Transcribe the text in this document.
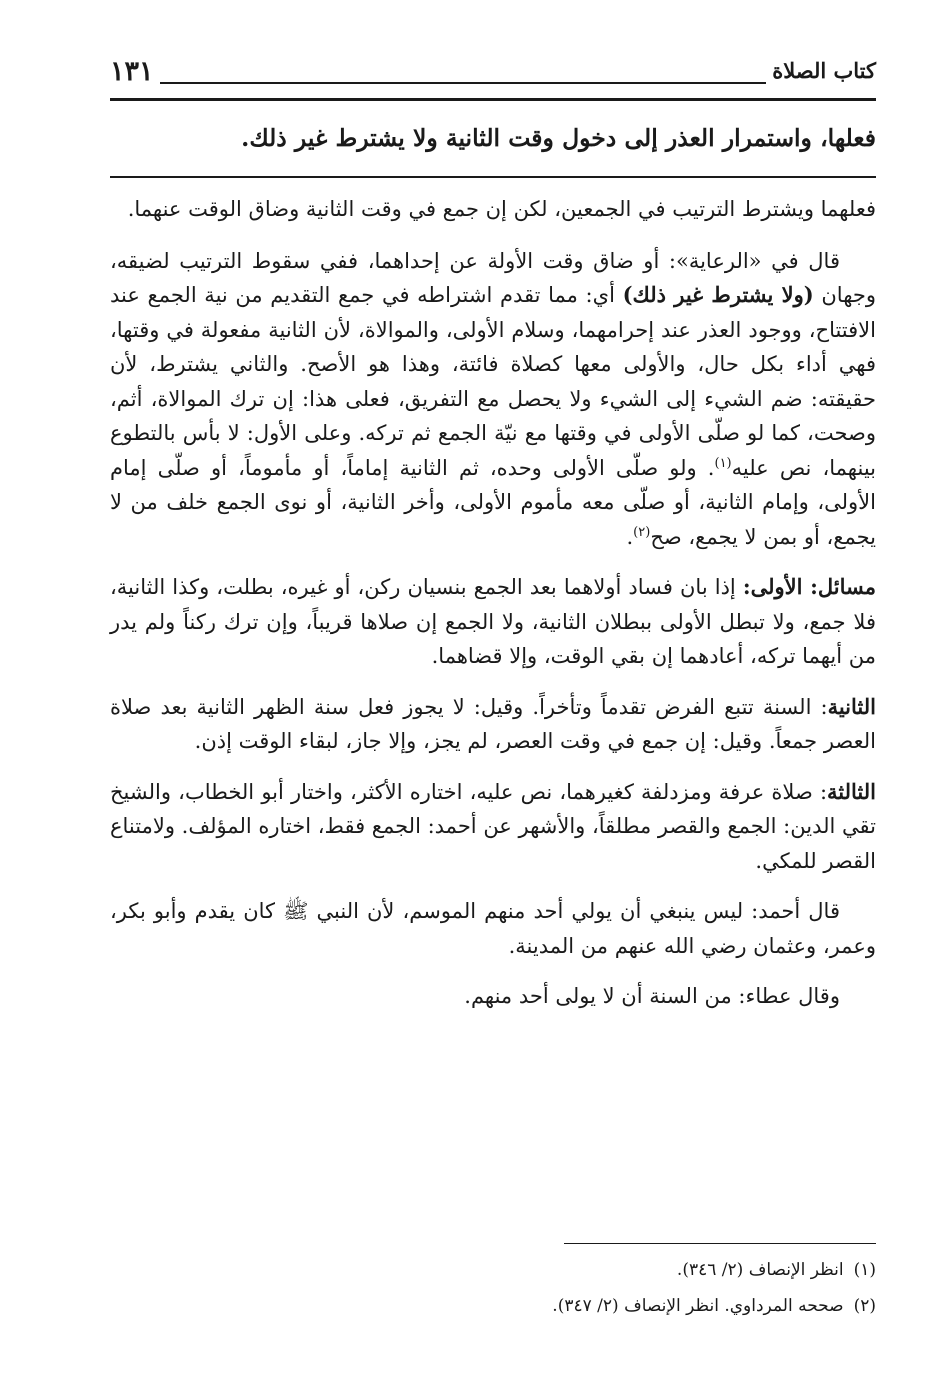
كتاب الصلاة
١٣١

فعلها، واستمرار العذر إلى دخول وقت الثانية ولا يشترط غير ذلك.

فعلهما ويشترط الترتيب في الجمعين، لكن إن جمع في وقت الثانية وضاق الوقت عنهما.

قال في «الرعاية»: أو ضاق وقت الأولة عن إحداهما، ففي سقوط الترتيب لضيقه، وجهان (ولا يشترط غير ذلك) أي: مما تقدم اشتراطه في جمع التقديم من نية الجمع عند الافتتاح، ووجود العذر عند إحرامهما، وسلام الأولى، والموالاة، لأن الثانية مفعولة في وقتها، فهي أداء بكل حال، والأولى معها كصلاة فائتة، وهذا هو الأصح. والثاني يشترط، لأن حقيقته: ضم الشيء إلى الشيء ولا يحصل مع التفريق، فعلى هذا: إن ترك الموالاة، أثم، وصحت، كما لو صلّى الأولى في وقتها مع نيّة الجمع ثم تركه. وعلى الأول: لا بأس بالتطوع بينهما، نص عليه$^{(١)}$. ولو صلّى الأولى وحده، ثم الثانية إماماً، أو مأموماً، أو صلّى إمام الأولى، وإمام الثانية، أو صلّى معه مأموم الأولى، وأخر الثانية، أو نوى الجمع خلف من لا يجمع، أو بمن لا يجمع، صح$^{(٢)}$.

مسائل: الأولى: إذا بان فساد أولاهما بعد الجمع بنسيان ركن، أو غيره، بطلت، وكذا الثانية، فلا جمع، ولا تبطل الأولى ببطلان الثانية، ولا الجمع إن صلاها قريباً، وإن ترك ركناً ولم يدر من أيهما تركه، أعادهما إن بقي الوقت، وإلا قضاهما.

الثانية: السنة تتبع الفرض تقدماً وتأخراً. وقيل: لا يجوز فعل سنة الظهر الثانية بعد صلاة العصر جمعاً. وقيل: إن جمع في وقت العصر، لم يجز، وإلا جاز، لبقاء الوقت إذن.

الثالثة: صلاة عرفة ومزدلفة كغيرهما، نص عليه، اختاره الأكثر، واختار أبو الخطاب، والشيخ تقي الدين: الجمع والقصر مطلقاً، والأشهر عن أحمد: الجمع فقط، اختاره المؤلف. ولامتناع القصر للمكي.

قال أحمد: ليس ينبغي أن يولي أحد منهم الموسم، لأن النبي ﷺ كان يقدم وأبو بكر، وعمر، وعثمان رضي الله عنهم من المدينة.

وقال عطاء: من السنة أن لا يولى أحد منهم.

(١)انظر الإنصاف (٢/ ٣٤٦).

(٢)صححه المرداوي. انظر الإنصاف (٢/ ٣٤٧).
